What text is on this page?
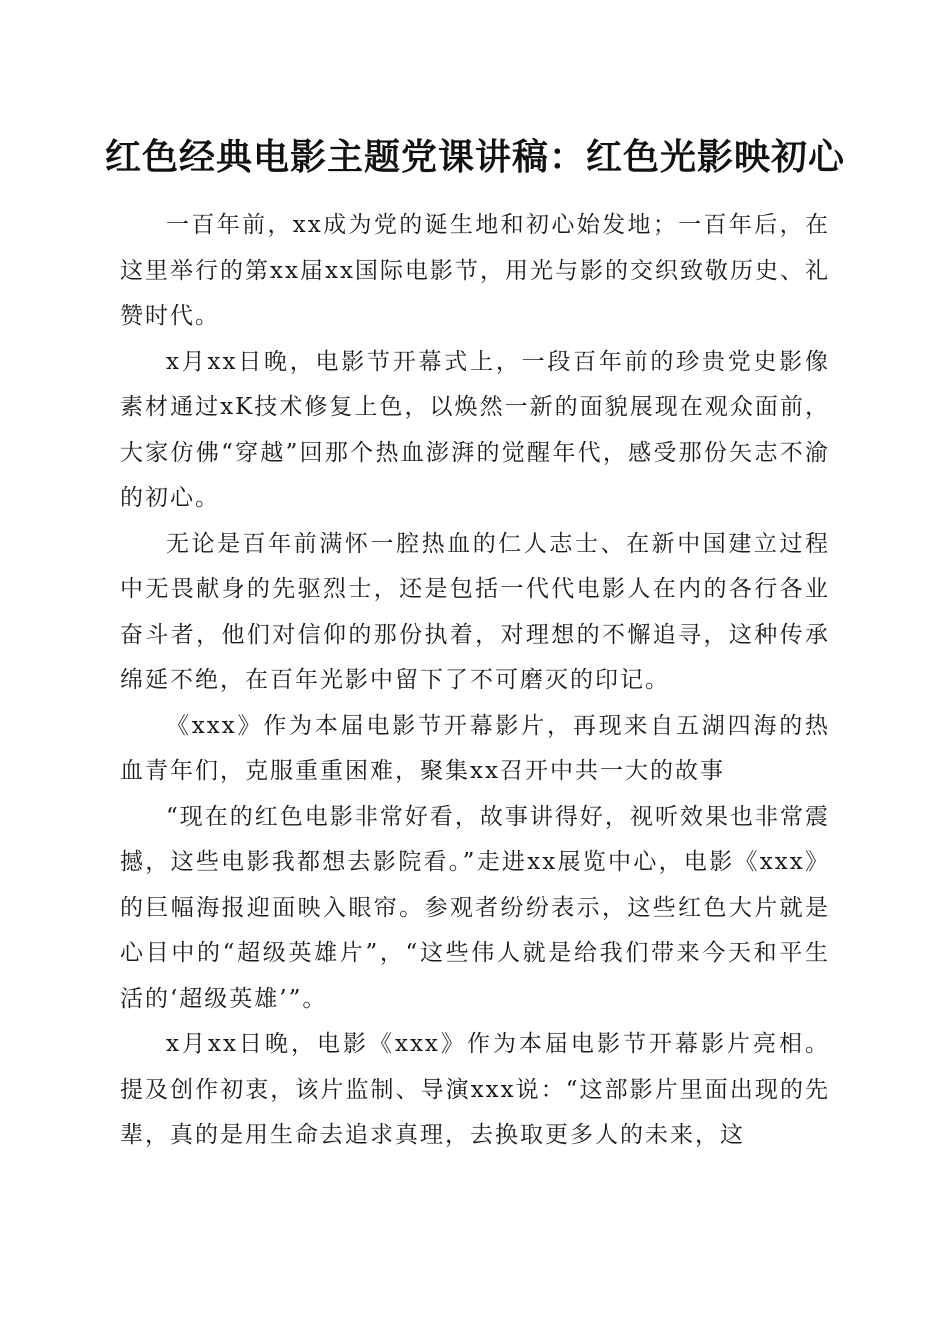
红色经典电影主题党课讲稿：红色光影映初心

一百年前，xx成为党的诞生地和初心始发地；一百年后，在这里举行的第xx届xx国际电影节，用光与影的交织致敬历史、礼赞时代。

x月xx日晚，电影节开幕式上，一段百年前的珍贵党史影像素材通过xK技术修复上色，以焕然一新的面貌展现在观众面前，大家仿佛“穿越”回那个热血澎湃的觉醒年代，感受那份矢志不渝的初心。

无论是百年前满怀一腔热血的仁人志士、在新中国建立过程中无畏献身的先驱烈士，还是包括一代代电影人在内的各行各业奋斗者，他们对信仰的那份执着，对理想的不懈追寻，这种传承绵延不绝，在百年光影中留下了不可磨灭的印记。

《xxx》作为本届电影节开幕影片，再现来自五湖四海的热血青年们，克服重重困难，聚集xx召开中共一大的故事

“现在的红色电影非常好看，故事讲得好，视听效果也非常震撼，这些电影我都想去影院看。”走进xx展览中心，电影《xxx》的巨幅海报迎面映入眼帘。参观者纷纷表示，这些红色大片就是心目中的“超级英雄片”，“这些伟人就是给我们带来今天和平生活的‘超级英雄’”。

x月xx日晚，电影《xxx》作为本届电影节开幕影片亮相。提及创作初衷，该片监制、导演xxx说：“这部影片里面出现的先辈，真的是用生命去追求真理，去换取更多人的未来，这
